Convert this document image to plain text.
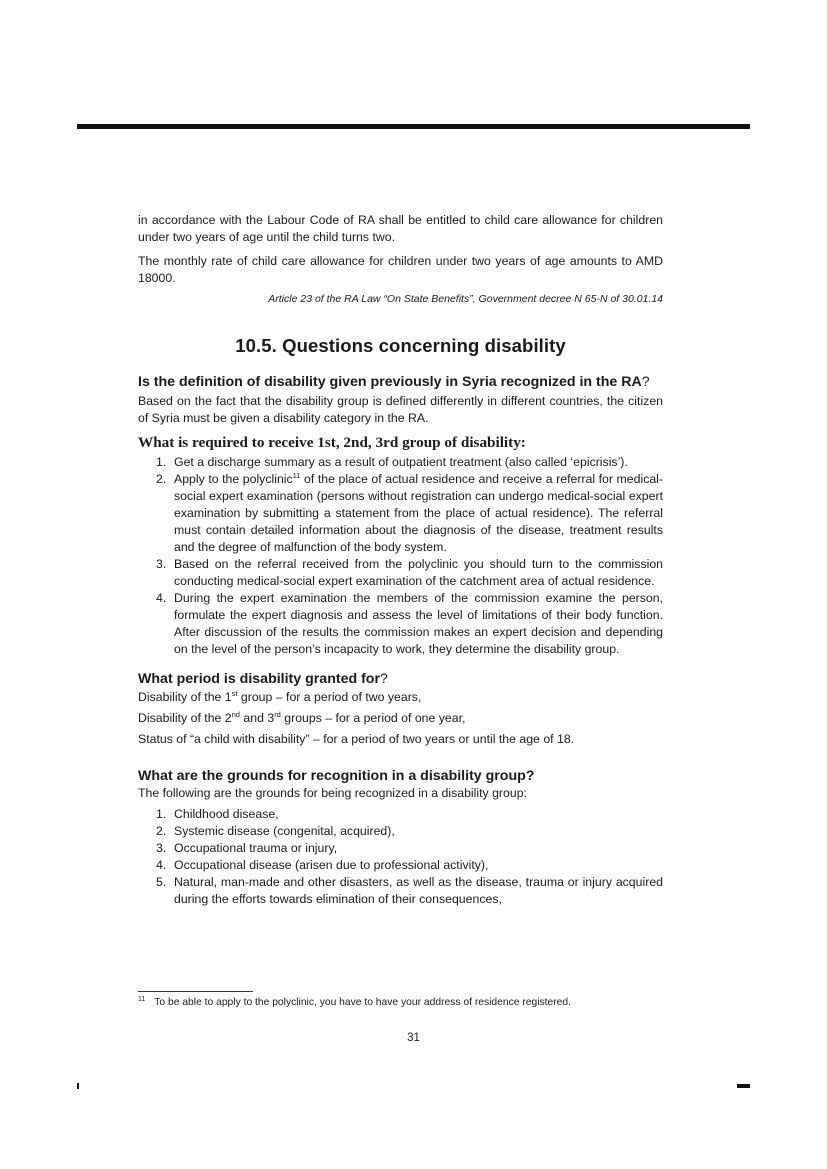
in accordance with the Labour Code of RA shall be entitled to child care allowance for children under two years of age until the child turns two.

The monthly rate of child care allowance for children under two years of age amounts to AMD 18000.

Article 23 of the RA Law “On State Benefits”, Government decree N 65-N of 30.01.14

10.5. Questions concerning disability
Is the definition of disability given previously in Syria recognized in the RA?

Based on the fact that the disability group is defined differently in different countries, the citizen of Syria must be given a disability category in the RA.

What is required to receive 1st, 2nd, 3rd group of disability:
1. Get a discharge summary as a result of outpatient treatment (also called ‘epicrisis’).
2. Apply to the polyclinic$^{11}$ of the place of actual residence and receive a referral for medical-social expert examination (persons without registration can undergo medical-social expert examination by submitting a statement from the place of actual residence). The referral must contain detailed information about the diagnosis of the disease, treatment results and the degree of malfunction of the body system.
3. Based on the referral received from the polyclinic you should turn to the commission conducting medical-social expert examination of the catchment area of actual residence.
4. During the expert examination the members of the commission examine the person, formulate the expert diagnosis and assess the level of limitations of their body function. After discussion of the results the commission makes an expert decision and depending on the level of the person’s incapacity to work, they determine the disability group.
What period is disability granted for?

Disability of the 1st group – for a period of two years,

Disability of the 2nd and 3rd groups – for a period of one year,

Status of “a child with disability” – for a period of two years or until the age of 18.

What are the grounds for recognition in a disability group?

The following are the grounds for being recognized in a disability group:

1. Childhood disease,
2. Systemic disease (congenital, acquired),
3. Occupational trauma or injury,
4. Occupational disease (arisen due to professional activity),
5. Natural, man-made and other disasters, as well as the disease, trauma or injury acquired during the efforts towards elimination of their consequences,

$^{11}$ To be able to apply to the polyclinic, you have to have your address of residence registered.

31
